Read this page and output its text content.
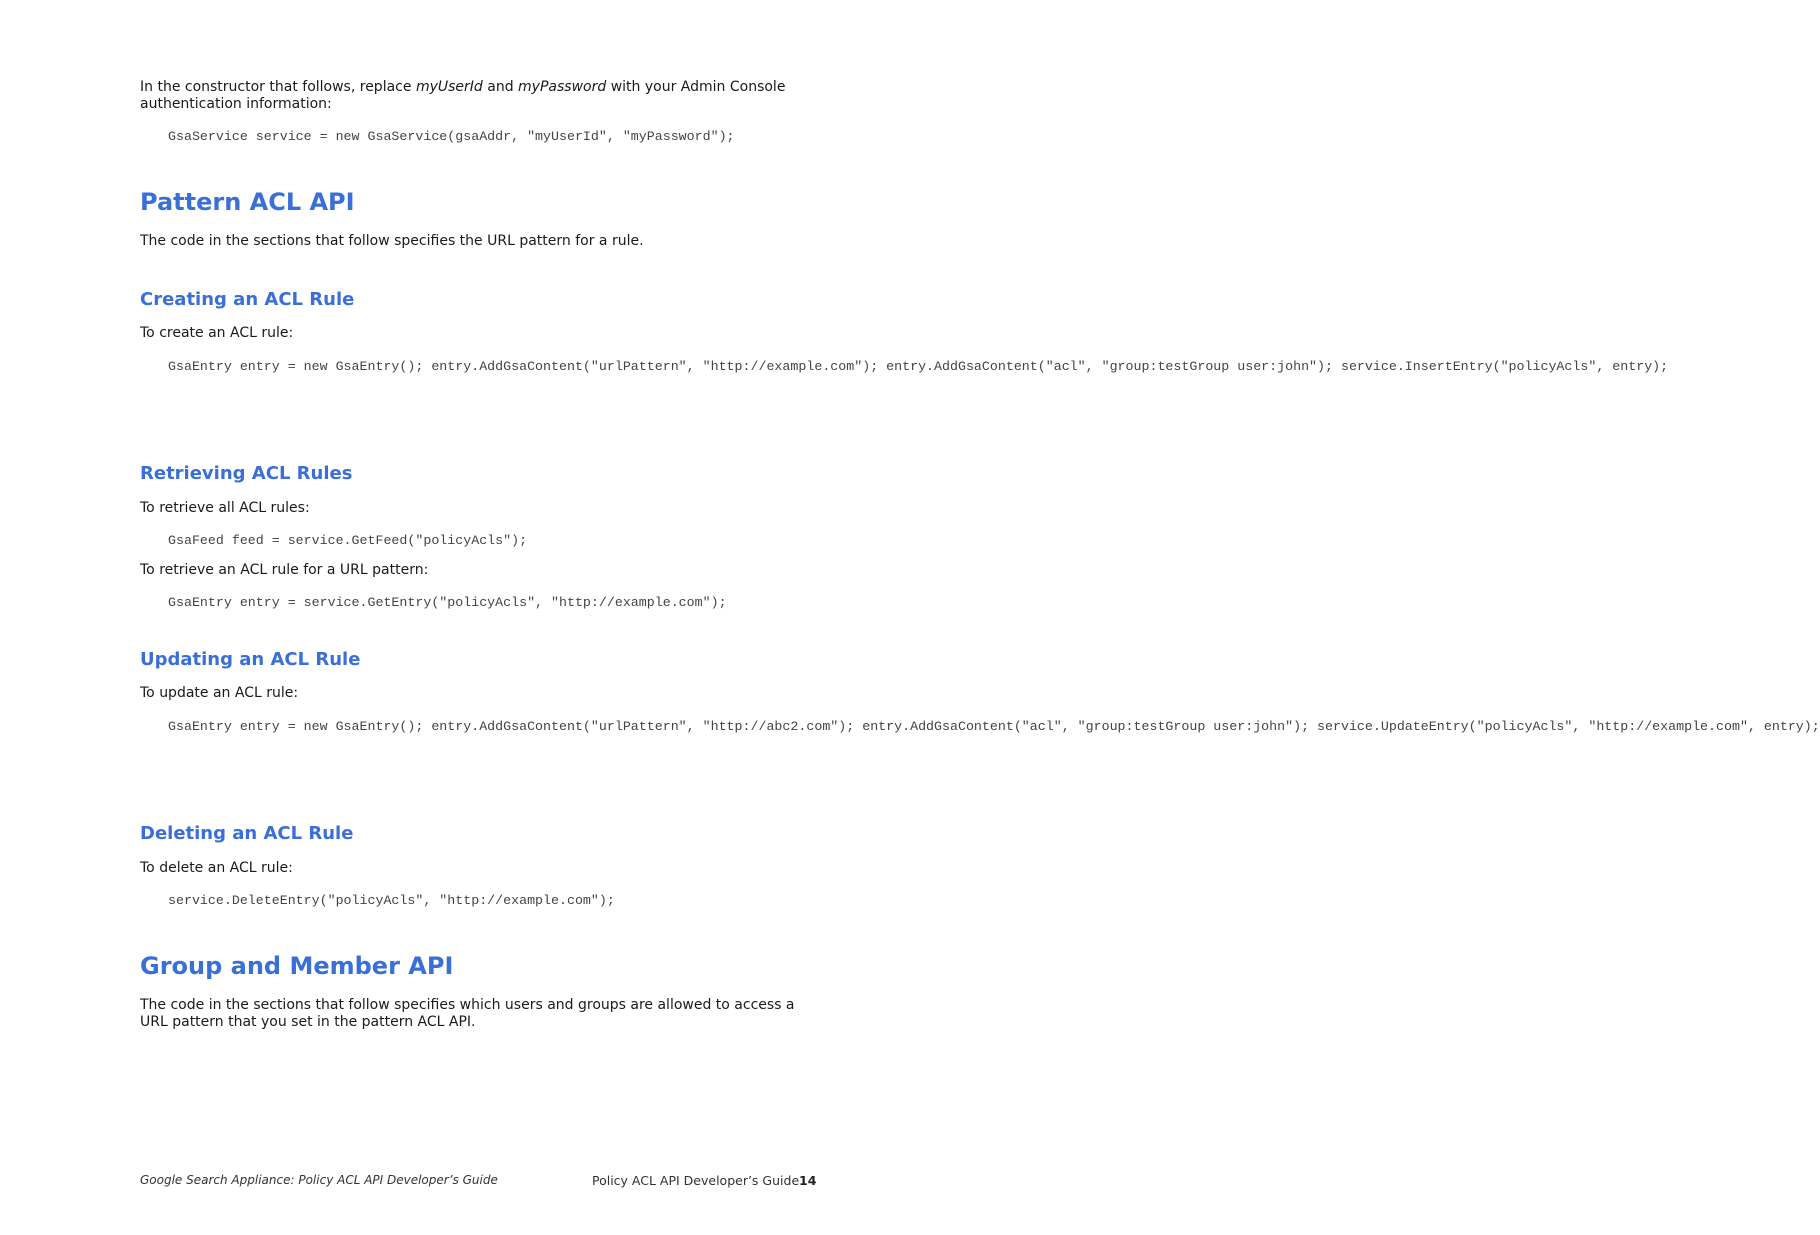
In the constructor that follows, replace myUserId and myPassword with your Admin Console authentication information:

GsaService service = new GsaService(gsaAddr, "myUserId", "myPassword");
Pattern ACL API

The code in the sections that follow specifies the URL pattern for a rule.

Creating an ACL Rule

To create an ACL rule:

GsaEntry entry = new GsaEntry(); entry.AddGsaContent("urlPattern", "http://example.com"); entry.AddGsaContent("acl", "group:testGroup user:john"); service.InsertEntry("policyAcls", entry);
Retrieving ACL Rules

To retrieve all ACL rules:

GsaFeed feed = service.GetFeed("policyAcls");

To retrieve an ACL rule for a URL pattern:

GsaEntry entry = service.GetEntry("policyAcls", "http://example.com");
Updating an ACL Rule

To update an ACL rule:

GsaEntry entry = new GsaEntry(); entry.AddGsaContent("urlPattern", "http://abc2.com"); entry.AddGsaContent("acl", "group:testGroup user:john"); service.UpdateEntry("policyAcls", "http://example.com", entry);
Deleting an ACL Rule

To delete an ACL rule:

service.DeleteEntry("policyAcls", "http://example.com");
Group and Member API

The code in the sections that follow specifies which users and groups are allowed to access a URL pattern that you set in the pattern ACL API.

Google Search Appliance: Policy ACL API Developer’s Guide	Policy ACL API Developer’s Guide 14
